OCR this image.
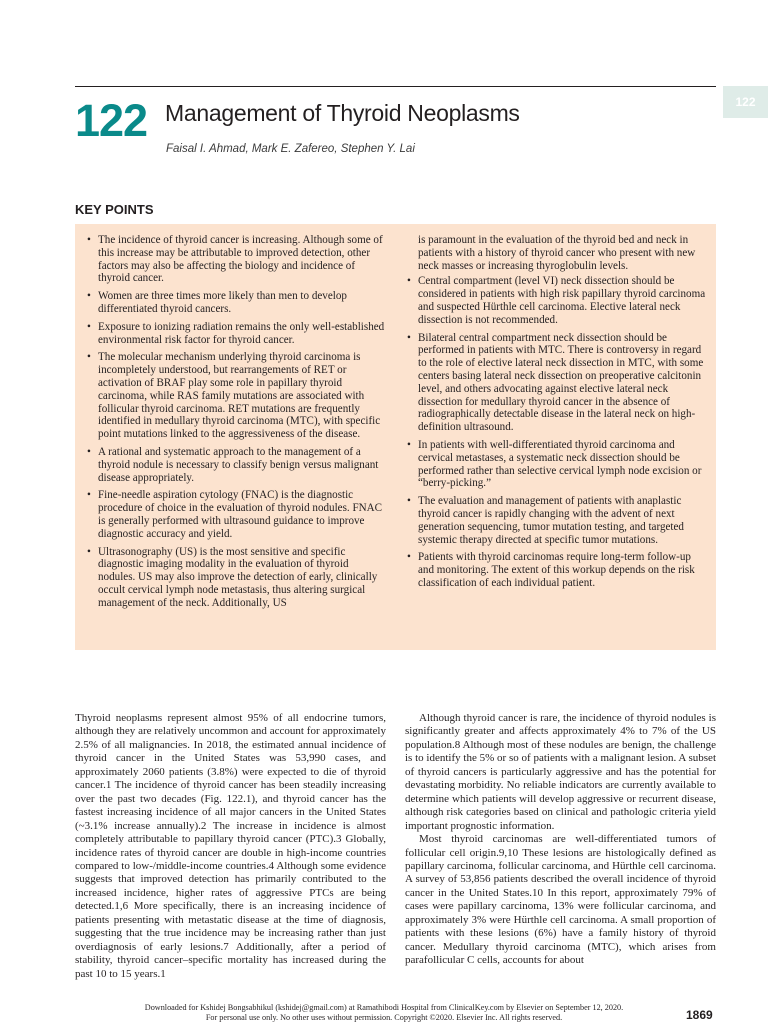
122
122 Management of Thyroid Neoplasms
Faisal I. Ahmad, Mark E. Zafereo, Stephen Y. Lai
KEY POINTS
• The incidence of thyroid cancer is increasing. Although some of this increase may be attributable to improved detection, other factors may also be affecting the biology and incidence of thyroid cancer.
• Women are three times more likely than men to develop differentiated thyroid cancers.
• Exposure to ionizing radiation remains the only well-established environmental risk factor for thyroid cancer.
• The molecular mechanism underlying thyroid carcinoma is incompletely understood, but rearrangements of RET or activation of BRAF play some role in papillary thyroid carcinoma, while RAS family mutations are associated with follicular thyroid carcinoma. RET mutations are frequently identified in medullary thyroid carcinoma (MTC), with specific point mutations linked to the aggressiveness of the disease.
• A rational and systematic approach to the management of a thyroid nodule is necessary to classify benign versus malignant disease appropriately.
• Fine-needle aspiration cytology (FNAC) is the diagnostic procedure of choice in the evaluation of thyroid nodules. FNAC is generally performed with ultrasound guidance to improve diagnostic accuracy and yield.
• Ultrasonography (US) is the most sensitive and specific diagnostic imaging modality in the evaluation of thyroid nodules. US may also improve the detection of early, clinically occult cervical lymph node metastasis, thus altering surgical management of the neck. Additionally, US
is paramount in the evaluation of the thyroid bed and neck in patients with a history of thyroid cancer who present with new neck masses or increasing thyroglobulin levels.
• Central compartment (level VI) neck dissection should be considered in patients with high risk papillary thyroid carcinoma and suspected Hürthle cell carcinoma. Elective lateral neck dissection is not recommended.
• Bilateral central compartment neck dissection should be performed in patients with MTC. There is controversy in regard to the role of elective lateral neck dissection in MTC, with some centers basing lateral neck dissection on preoperative calcitonin level, and others advocating against elective lateral neck dissection for medullary thyroid cancer in the absence of radiographically detectable disease in the lateral neck on high-definition ultrasound.
• In patients with well-differentiated thyroid carcinoma and cervical metastases, a systematic neck dissection should be performed rather than selective cervical lymph node excision or “berry-picking.”
• The evaluation and management of patients with anaplastic thyroid cancer is rapidly changing with the advent of next generation sequencing, tumor mutation testing, and targeted systemic therapy directed at specific tumor mutations.
• Patients with thyroid carcinomas require long-term follow-up and monitoring. The extent of this workup depends on the risk classification of each individual patient.

Thyroid neoplasms represent almost 95% of all endocrine tumors, although they are relatively uncommon and account for approximately 2.5% of all malignancies. In 2018, the estimated annual incidence of thyroid cancer in the United States was 53,990 cases, and approximately 2060 patients (3.8%) were expected to die of thyroid cancer.1 The incidence of thyroid cancer has been steadily increasing over the past two decades (Fig. 122.1), and thyroid cancer has the fastest increasing incidence of all major cancers in the United States (~3.1% increase annually).2 The increase in incidence is almost completely attributable to papillary thyroid cancer (PTC).3 Globally, incidence rates of thyroid cancer are double in high-income countries compared to low-/middle-income countries.4 Although some evidence suggests that improved detection has primarily contributed to the increased incidence, higher rates of aggressive PTCs are being detected.1,6 More specifically, there is an increasing incidence of patients presenting with metastatic disease at the time of diagnosis, suggesting that the true incidence may be increasing rather than just overdiagnosis of early lesions.7 Additionally, after a period of stability, thyroid cancer–specific mortality has increased during the past 10 to 15 years.1

Although thyroid cancer is rare, the incidence of thyroid nodules is significantly greater and affects approximately 4% to 7% of the US population.8 Although most of these nodules are benign, the challenge is to identify the 5% or so of patients with a malignant lesion. A subset of thyroid cancers is particularly aggressive and has the potential for devastating morbidity. No reliable indicators are currently available to determine which patients will develop aggressive or recurrent disease, although risk categories based on clinical and pathologic criteria yield important prognostic information.

Most thyroid carcinomas are well-differentiated tumors of follicular cell origin.9,10 These lesions are histologically defined as papillary carcinoma, follicular carcinoma, and Hürthle cell carcinoma. A survey of 53,856 patients described the overall incidence of thyroid cancer in the United States.10 In this report, approximately 79% of cases were papillary carcinoma, 13% were follicular carcinoma, and approximately 3% were Hürthle cell carcinoma. A small proportion of patients with these lesions (6%) have a family history of thyroid cancer. Medullary thyroid carcinoma (MTC), which arises from parafollicular C cells, accounts for about

1869
Downloaded for Kshidej Bongsabhikul (kshidej@gmail.com) at Ramathibodi Hospital from ClinicalKey.com by Elsevier on September 12, 2020.
For personal use only. No other uses without permission. Copyright ©2020. Elsevier Inc. All rights reserved.
